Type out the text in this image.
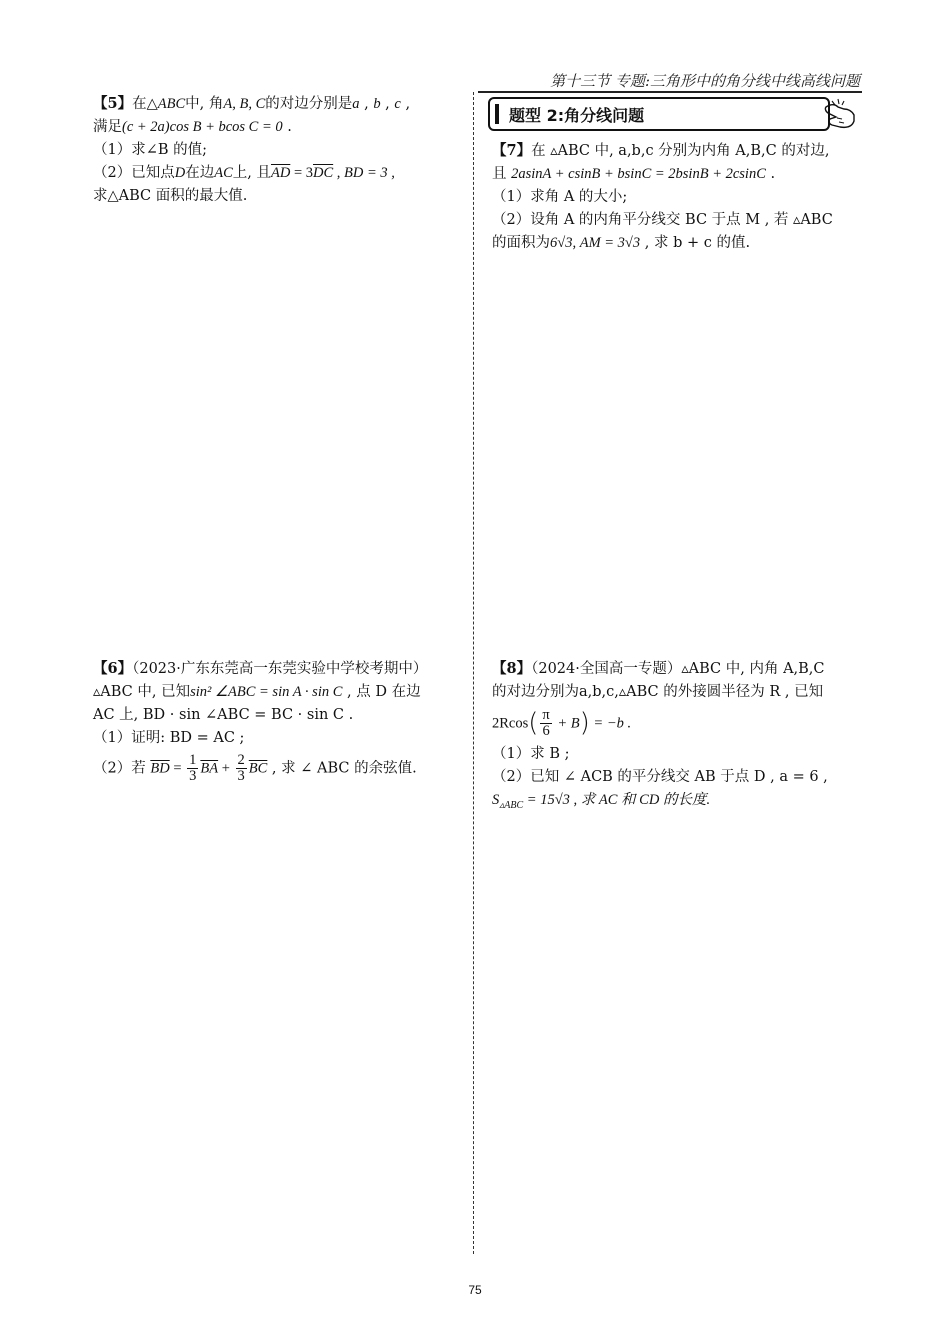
第十三节 专题:三角形中的角分线中线高线问题
题型 2:角分线问题
【5】在△ABC中, 角A, B, C的对边分别是a , b , c ,
满足(c + 2a)cos B + bcos C = 0 .
（1）求∠B 的值;
（2）已知点D在边AC上, 且$\overline{AD} = 3\overline{DC}$ , BD = 3 ,
求△ABC 面积的最大值.
【7】在 ▵ABC 中, a,b,c 分别为内角 A,B,C 的对边,
且 2asinA + csinB + bsinC = 2bsinB + 2csinC .
（1）求角 A 的大小;
（2）设角 A 的内角平分线交 BC 于点 M , 若 ▵ABC
的面积为6√3, AM = 3√3 , 求 b + c 的值.
【6】（2023·广东东莞高一东莞实验中学校考期中）
▵ABC 中, 已知sin² ∠ABC = sin A · sin C , 点 D 在边
AC 上, BD · sin ∠ABC = BC · sin C .
（1）证明: BD = AC ;
（2）若 $\overline{BD} = \frac{1}{3} \overline{BA} + \frac{2}{3} \overline{BC}$ , 求 ∠ ABC 的余弦值.
【8】（2024·全国高一专题）▵ABC 中, 内角 A,B,C
的对边分别为a,b,c,▵ABC 的外接圆半径为 R , 已知
$2Rcos( \frac{\pi}{6} + B) = -b$ .
（1）求 B ;
（2）已知 ∠ ACB 的平分线交 AB 于点 D , a = 6 ,
$S_{▵ABC} = 15√3$ , 求 AC 和 CD 的长度.
75
